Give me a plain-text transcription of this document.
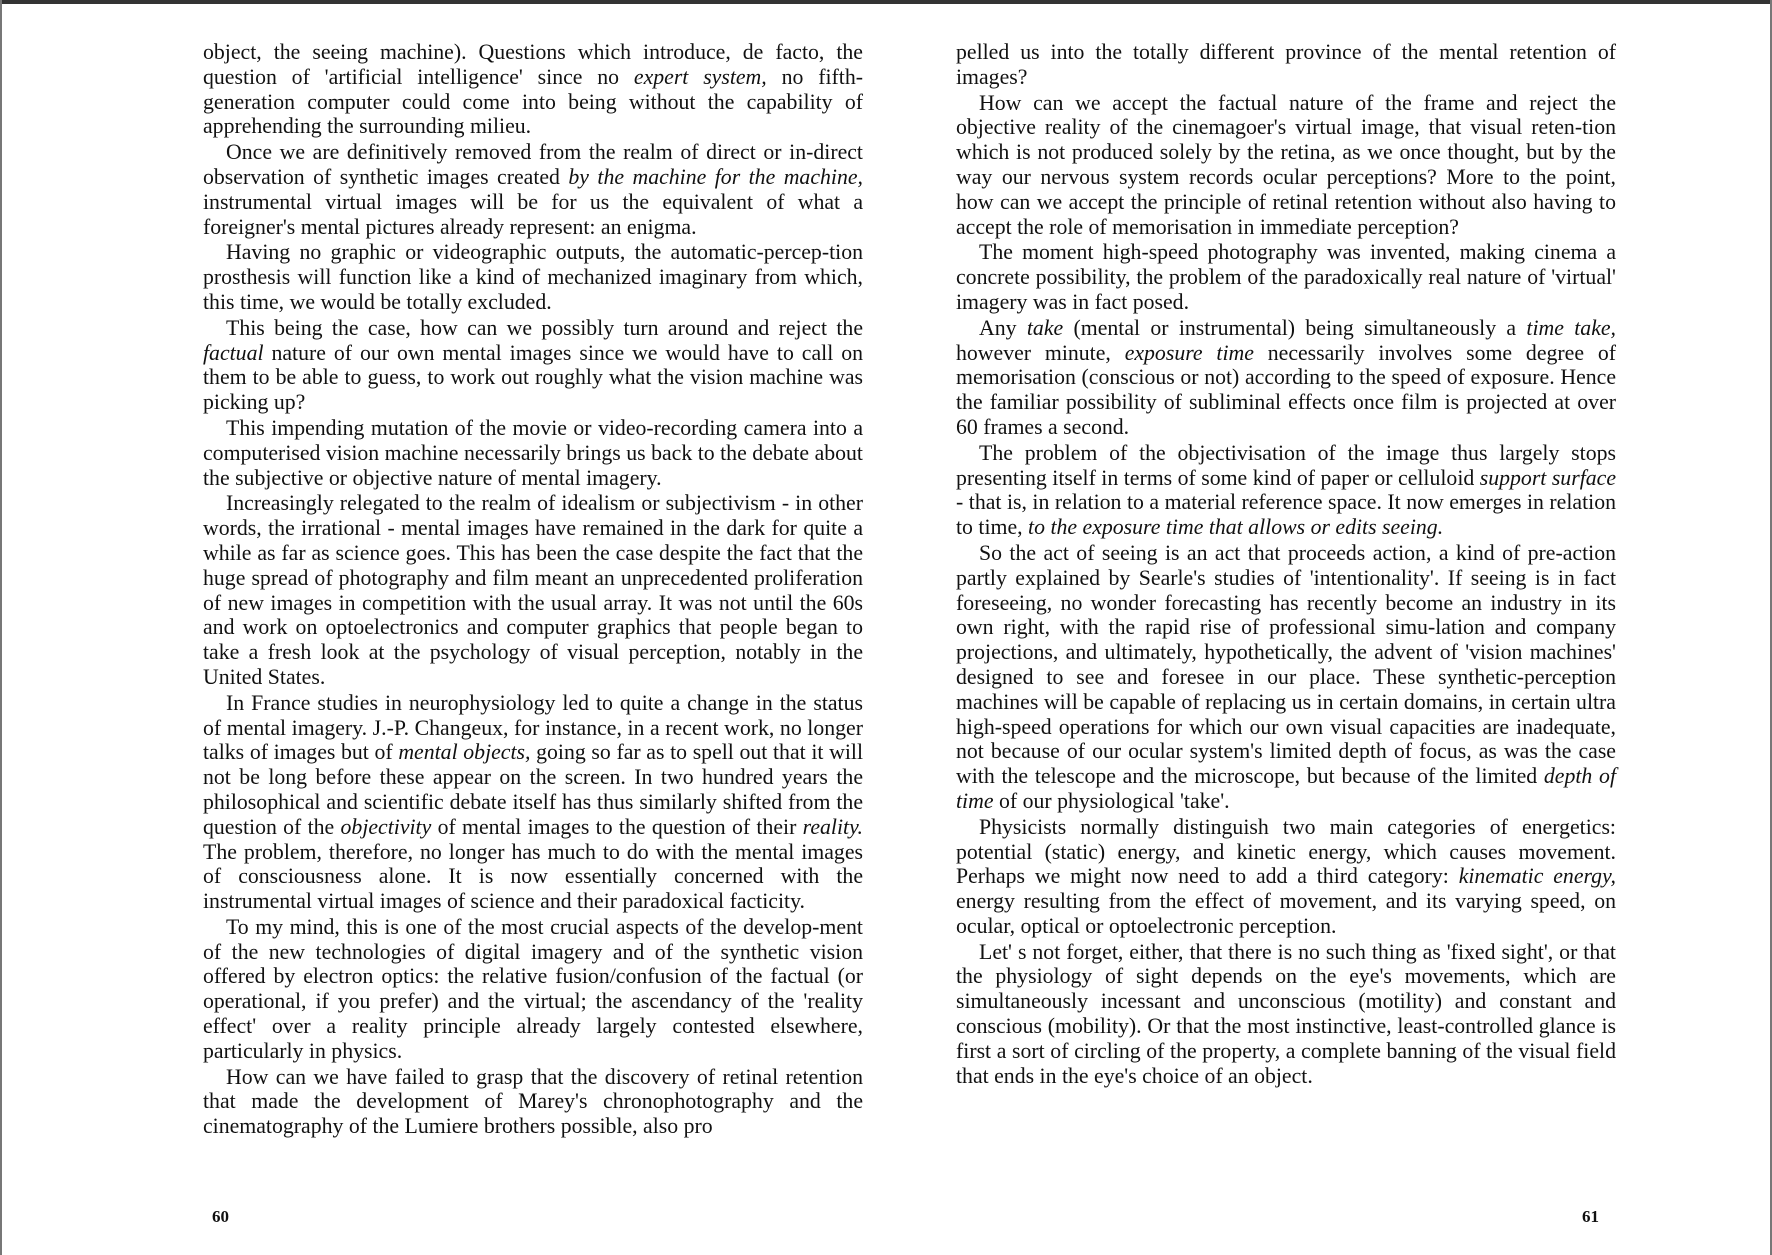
object, the seeing machine). Questions which introduce, de facto, the question of 'artificial intelligence' since no expert system, no fifth-generation computer could come into being without the capability of apprehending the surrounding milieu.

Once we are definitively removed from the realm of direct or in-direct observation of synthetic images created by the machine for the machine, instrumental virtual images will be for us the equivalent of what a foreigner's mental pictures already represent: an enigma.

Having no graphic or videographic outputs, the automatic-percep-tion prosthesis will function like a kind of mechanized imaginary from which, this time, we would be totally excluded.

This being the case, how can we possibly turn around and reject the factual nature of our own mental images since we would have to call on them to be able to guess, to work out roughly what the vision machine was picking up?

This impending mutation of the movie or video-recording camera into a computerised vision machine necessarily brings us back to the debate about the subjective or objective nature of mental imagery.

Increasingly relegated to the realm of idealism or subjectivism - in other words, the irrational - mental images have remained in the dark for quite a while as far as science goes. This has been the case despite the fact that the huge spread of photography and film meant an unprecedented proliferation of new images in competition with the usual array. It was not until the 60s and work on optoelectronics and computer graphics that people began to take a fresh look at the psychology of visual perception, notably in the United States.

In France studies in neurophysiology led to quite a change in the status of mental imagery. J.-P. Changeux, for instance, in a recent work, no longer talks of images but of mental objects, going so far as to spell out that it will not be long before these appear on the screen. In two hundred years the philosophical and scientific debate itself has thus similarly shifted from the question of the objectivity of mental images to the question of their reality. The problem, therefore, no longer has much to do with the mental images of consciousness alone. It is now essentially concerned with the instrumental virtual images of science and their paradoxical facticity.

To my mind, this is one of the most crucial aspects of the develop-ment of the new technologies of digital imagery and of the synthetic vision offered by electron optics: the relative fusion/confusion of the factual (or operational, if you prefer) and the virtual; the ascendancy of the 'reality effect' over a reality principle already largely contested elsewhere, particularly in physics.

How can we have failed to grasp that the discovery of retinal retention that made the development of Marey's chronophotography and the cinematography of the Lumiere brothers possible, also pro

pelled us into the totally different province of the mental retention of images?

How can we accept the factual nature of the frame and reject the objective reality of the cinemagoer's virtual image, that visual reten-tion which is not produced solely by the retina, as we once thought, but by the way our nervous system records ocular perceptions? More to the point, how can we accept the principle of retinal retention without also having to accept the role of memorisation in immediate perception?

The moment high-speed photography was invented, making cinema a concrete possibility, the problem of the paradoxically real nature of 'virtual' imagery was in fact posed.

Any take (mental or instrumental) being simultaneously a time take, however minute, exposure time necessarily involves some degree of memorisation (conscious or not) according to the speed of exposure. Hence the familiar possibility of subliminal effects once film is projected at over 60 frames a second.

The problem of the objectivisation of the image thus largely stops presenting itself in terms of some kind of paper or celluloid support surface - that is, in relation to a material reference space. It now emerges in relation to time, to the exposure time that allows or edits seeing.

So the act of seeing is an act that proceeds action, a kind of pre-action partly explained by Searle's studies of 'intentionality'. If seeing is in fact foreseeing, no wonder forecasting has recently become an industry in its own right, with the rapid rise of professional simu-lation and company projections, and ultimately, hypothetically, the advent of 'vision machines' designed to see and foresee in our place. These synthetic-perception machines will be capable of replacing us in certain domains, in certain ultra high-speed operations for which our own visual capacities are inadequate, not because of our ocular system's limited depth of focus, as was the case with the telescope and the microscope, but because of the limited depth of time of our physiological 'take'.

Physicists normally distinguish two main categories of energetics: potential (static) energy, and kinetic energy, which causes movement. Perhaps we might now need to add a third category: kinematic energy, energy resulting from the effect of movement, and its varying speed, on ocular, optical or optoelectronic perception.

Let' s not forget, either, that there is no such thing as 'fixed sight', or that the physiology of sight depends on the eye's movements, which are simultaneously incessant and unconscious (motility) and constant and conscious (mobility). Or that the most instinctive, least-controlled glance is first a sort of circling of the property, a complete banning of the visual field that ends in the eye's choice of an object.

60	61
